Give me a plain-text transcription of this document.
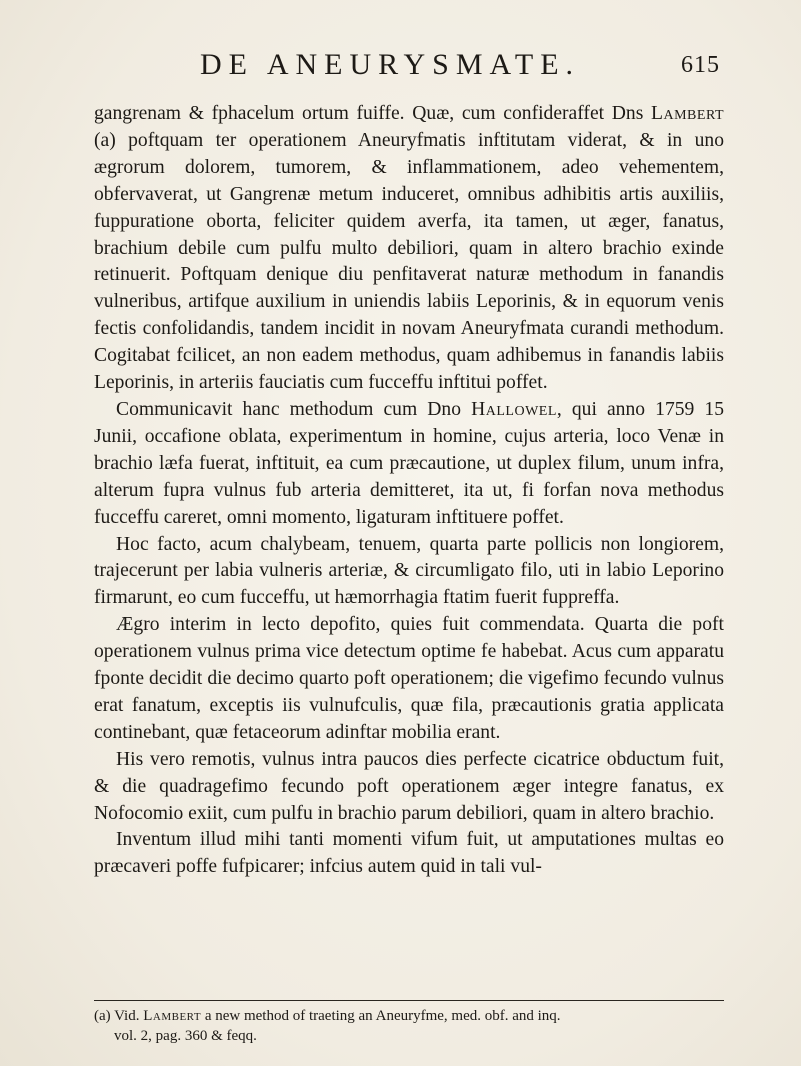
DE ANEURYSMATE.	615

gangrenam & fphacelum ortum fuiffe. Quæ, cum confideraffet Dns Lambert (a) poftquam ter operationem Aneuryfmatis inftitutam viderat, & in uno ægrorum dolorem, tumorem, & inflammationem, adeo vehementem, obfervaverat, ut Gangrenæ metum induceret, omnibus adhibitis artis auxiliis, fuppuratione oborta, feliciter quidem averfa, ita tamen, ut æger, fanatus, brachium debile cum pulfu multo debiliori, quam in altero brachio exinde retinuerit. Poftquam denique diu penfitaverat naturæ methodum in fanandis vulneribus, artifque auxilium in uniendis labiis Leporinis, & in equorum venis fectis confolidandis, tandem incidit in novam Aneuryfmata curandi methodum. Cogitabat fcilicet, an non eadem methodus, quam adhibemus in fanandis labiis Leporinis, in arteriis fauciatis cum fucceffu inftitui poffet.

Communicavit hanc methodum cum Dno Hallowel, qui anno 1759 15 Junii, occafione oblata, experimentum in homine, cujus arteria, loco Venæ in brachio læfa fuerat, inftituit, ea cum præcautione, ut duplex filum, unum infra, alterum fupra vulnus fub arteria demitteret, ita ut, fi forfan nova methodus fucceffu careret, omni momento, ligaturam inftituere poffet.

Hoc facto, acum chalybeam, tenuem, quarta parte pollicis non longiorem, trajecerunt per labia vulneris arteriæ, & circumligato filo, uti in labio Leporino firmarunt, eo cum fucceffu, ut hæmorrhagia ftatim fuerit fuppreffa.

Ægro interim in lecto depofito, quies fuit commendata. Quarta die poft operationem vulnus prima vice detectum optime fe habebat. Acus cum apparatu fponte decidit die decimo quarto poft operationem; die vigefimo fecundo vulnus erat fanatum, exceptis iis vulnufculis, quæ fila, præcautionis gratia applicata continebant, quæ fetaceorum adinftar mobilia erant.

His vero remotis, vulnus intra paucos dies perfecte cicatrice obductum fuit, & die quadragefimo fecundo poft operationem æger integre fanatus, ex Nofocomio exiit, cum pulfu in brachio parum debiliori, quam in altero brachio.

Inventum illud mihi tanti momenti vifum fuit, ut amputationes multas eo præcaveri poffe fufpicarer; infcius autem quid in tali vul-

(a) Vid. Lambert a new method of traeting an Aneuryfme, med. obf. and inq.
vol. 2, pag. 360 & feqq.
